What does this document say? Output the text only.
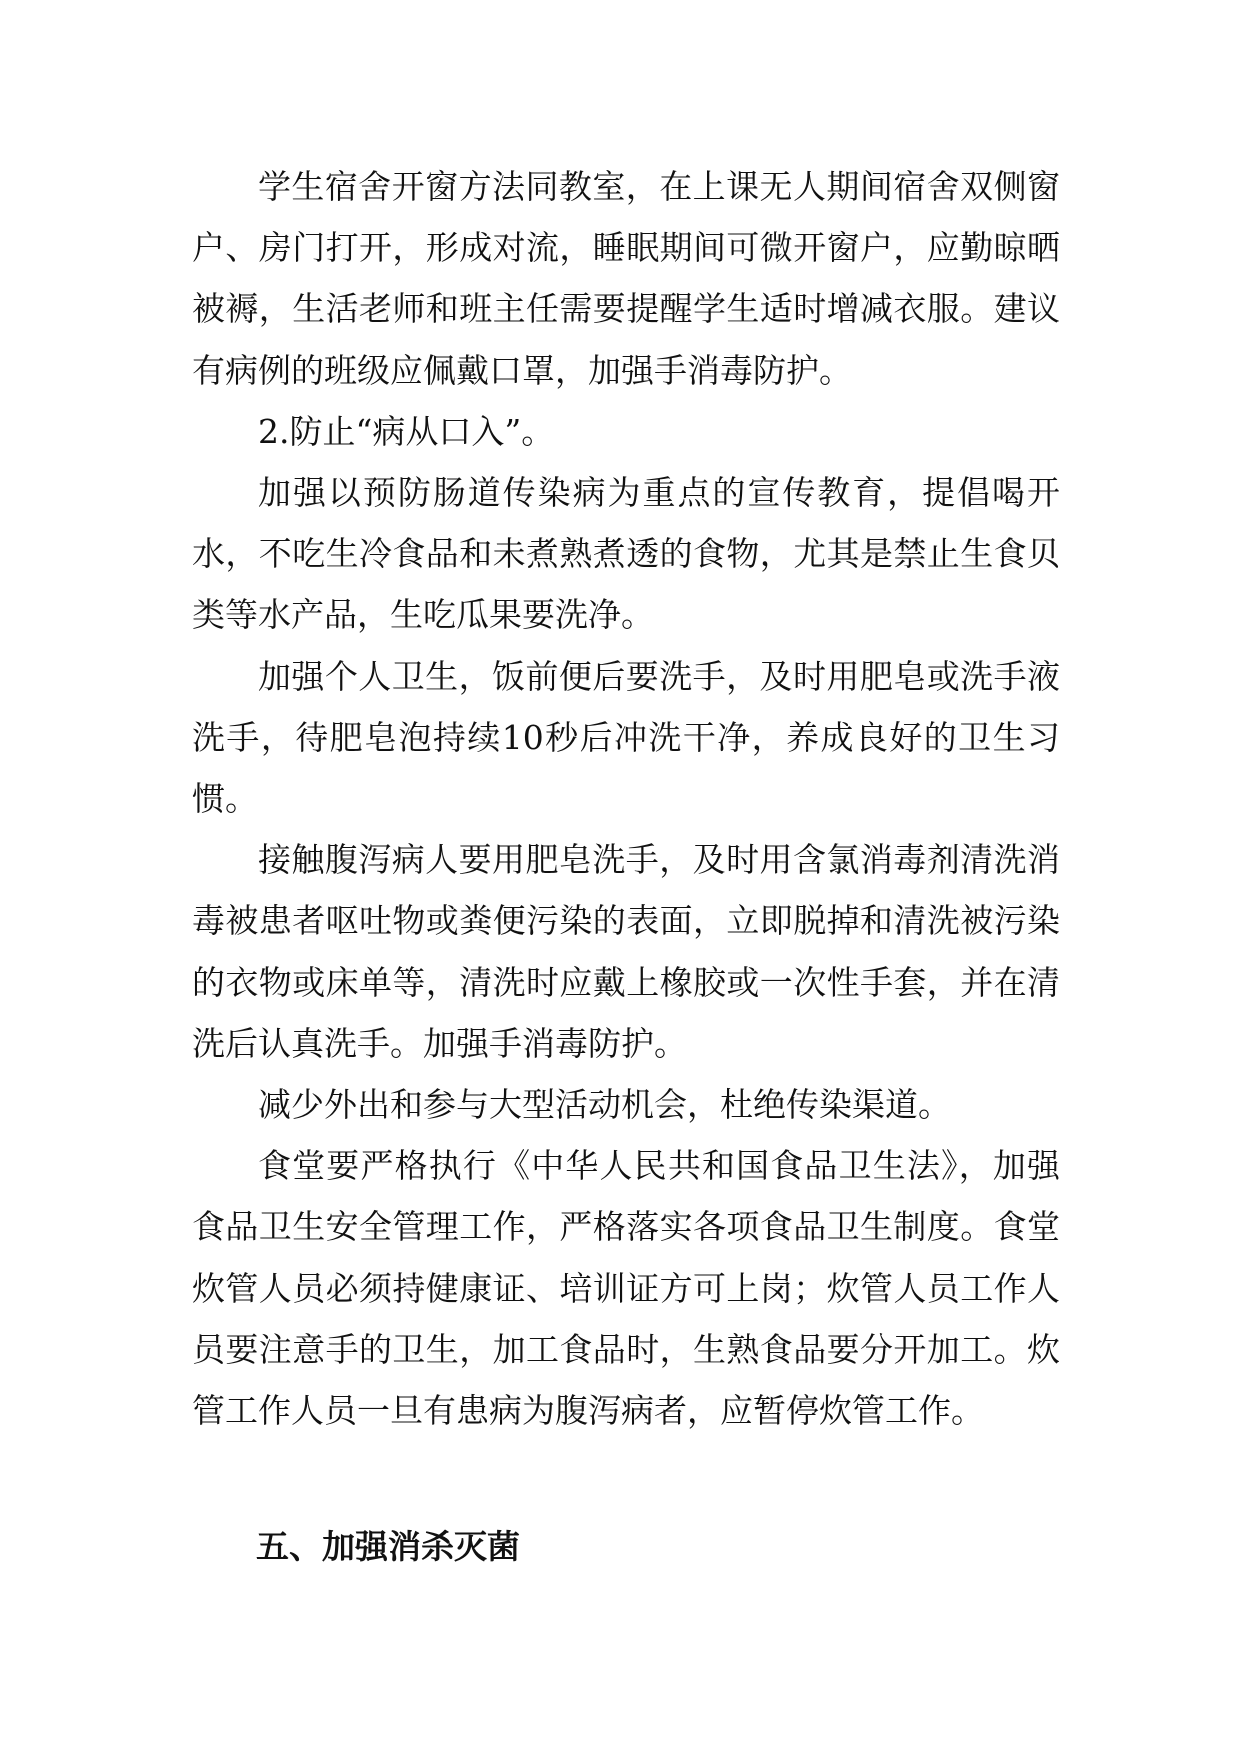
学生宿舍开窗方法同教室，在上课无人期间宿舍双侧窗户、房门打开，形成对流，睡眠期间可微开窗户，应勤晾晒被褥，生活老师和班主任需要提醒学生适时增减衣服。建议有病例的班级应佩戴口罩，加强手消毒防护。

2.防止“病从口入”。

加强以预防肠道传染病为重点的宣传教育，提倡喝开水，不吃生冷食品和未煮熟煮透的食物，尤其是禁止生食贝类等水产品，生吃瓜果要洗净。

加强个人卫生，饭前便后要洗手，及时用肥皂或洗手液洗手，待肥皂泡持续10秒后冲洗干净，养成良好的卫生习惯。

接触腹泻病人要用肥皂洗手，及时用含氯消毒剂清洗消毒被患者呕吐物或粪便污染的表面，立即脱掉和清洗被污染的衣物或床单等，清洗时应戴上橡胶或一次性手套，并在清洗后认真洗手。加强手消毒防护。

减少外出和参与大型活动机会，杜绝传染渠道。

食堂要严格执行《中华人民共和国食品卫生法》，加强食品卫生安全管理工作，严格落实各项食品卫生制度。食堂炊管人员必须持健康证、培训证方可上岗；炊管人员工作人员要注意手的卫生，加工食品时，生熟食品要分开加工。炊管工作人员一旦有患病为腹泻病者，应暂停炊管工作。

五、加强消杀灭菌
